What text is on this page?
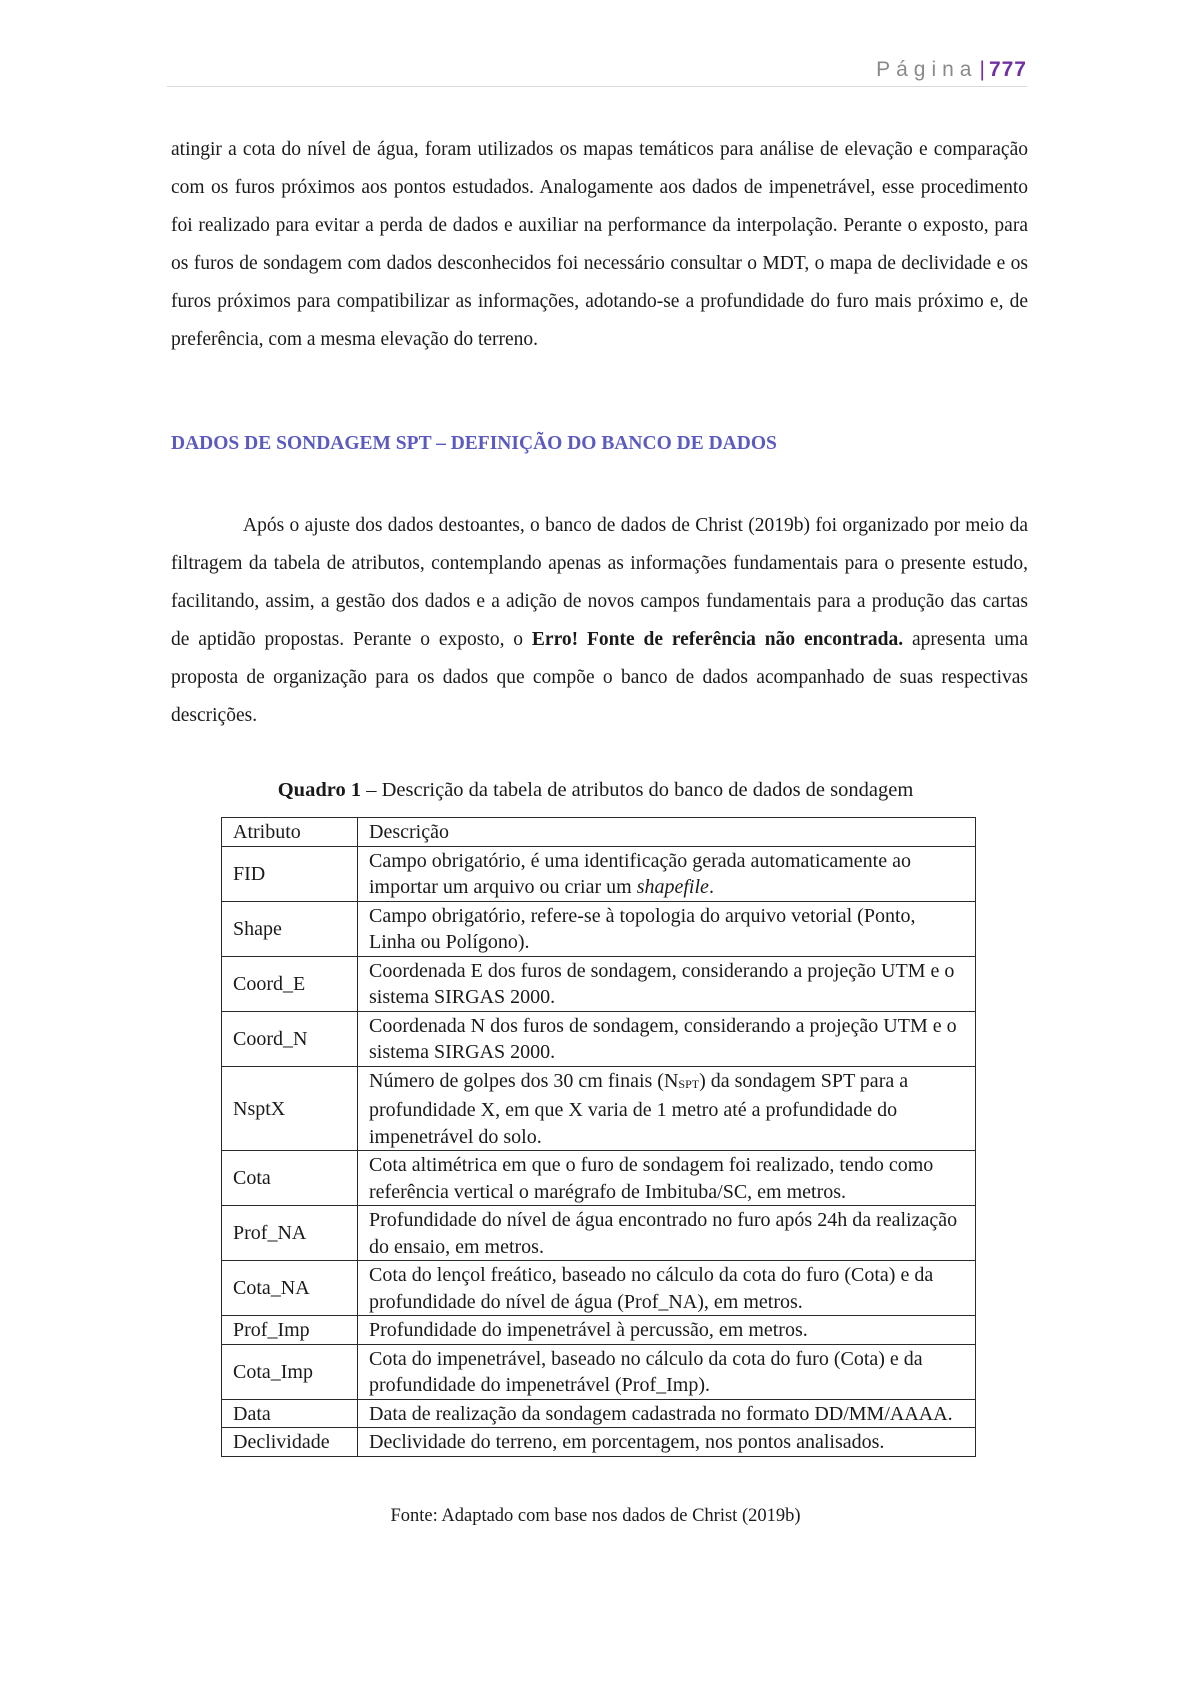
Página| 777

atingir a cota do nível de água, foram utilizados os mapas temáticos para análise de elevação e comparação com os furos próximos aos pontos estudados. Analogamente aos dados de impenetrável, esse procedimento foi realizado para evitar a perda de dados e auxiliar na performance da interpolação. Perante o exposto, para os furos de sondagem com dados desconhecidos foi necessário consultar o MDT, o mapa de declividade e os furos próximos para compatibilizar as informações, adotando-se a profundidade do furo mais próximo e, de preferência, com a mesma elevação do terreno.

DADOS DE SONDAGEM SPT – DEFINIÇÃO DO BANCO DE DADOS

Após o ajuste dos dados destoantes, o banco de dados de Christ (2019b) foi organizado por meio da filtragem da tabela de atributos, contemplando apenas as informações fundamentais para o presente estudo, facilitando, assim, a gestão dos dados e a adição de novos campos fundamentais para a produção das cartas de aptidão propostas. Perante o exposto, o Erro! Fonte de referência não encontrada. apresenta uma proposta de organização para os dados que compõe o banco de dados acompanhado de suas respectivas descrições.

Quadro 1 – Descrição da tabela de atributos do banco de dados de sondagem

Atributo	Descrição
FID	Campo obrigatório, é uma identificação gerada automaticamente ao importar um arquivo ou criar um shapefile.
Shape	Campo obrigatório, refere-se à topologia do arquivo vetorial (Ponto, Linha ou Polígono).
Coord_E	Coordenada E dos furos de sondagem, considerando a projeção UTM e o sistema SIRGAS 2000.
Coord_N	Coordenada N dos furos de sondagem, considerando a projeção UTM e o sistema SIRGAS 2000.
NsptX	Número de golpes dos 30 cm finais $(N_{SPT})$ da sondagem SPT para a profundidade X, em que X varia de 1 metro até a profundidade do impenetrável do solo.
Cota	Cota altimétrica em que o furo de sondagem foi realizado, tendo como referência vertical o marégrafo de Imbituba/SC, em metros.
Prof_NA	Profundidade do nível de água encontrado no furo após 24h da realização do ensaio, em metros.
Cota_NA	Cota do lençol freático, baseado no cálculo da cota do furo (Cota) e da profundidade do nível de água (Prof_NA), em metros.
Prof_Imp	Profundidade do impenetrável à percussão, em metros.
Cota_Imp	Cota do impenetrável, baseado no cálculo da cota do furo (Cota) e da profundidade do impenetrável (Prof_Imp).
Data	Data de realização da sondagem cadastrada no formato DD/MM/AAAA.
Declividade	Declividade do terreno, em porcentagem, nos pontos analisados.

Fonte: Adaptado com base nos dados de Christ (2019b)
